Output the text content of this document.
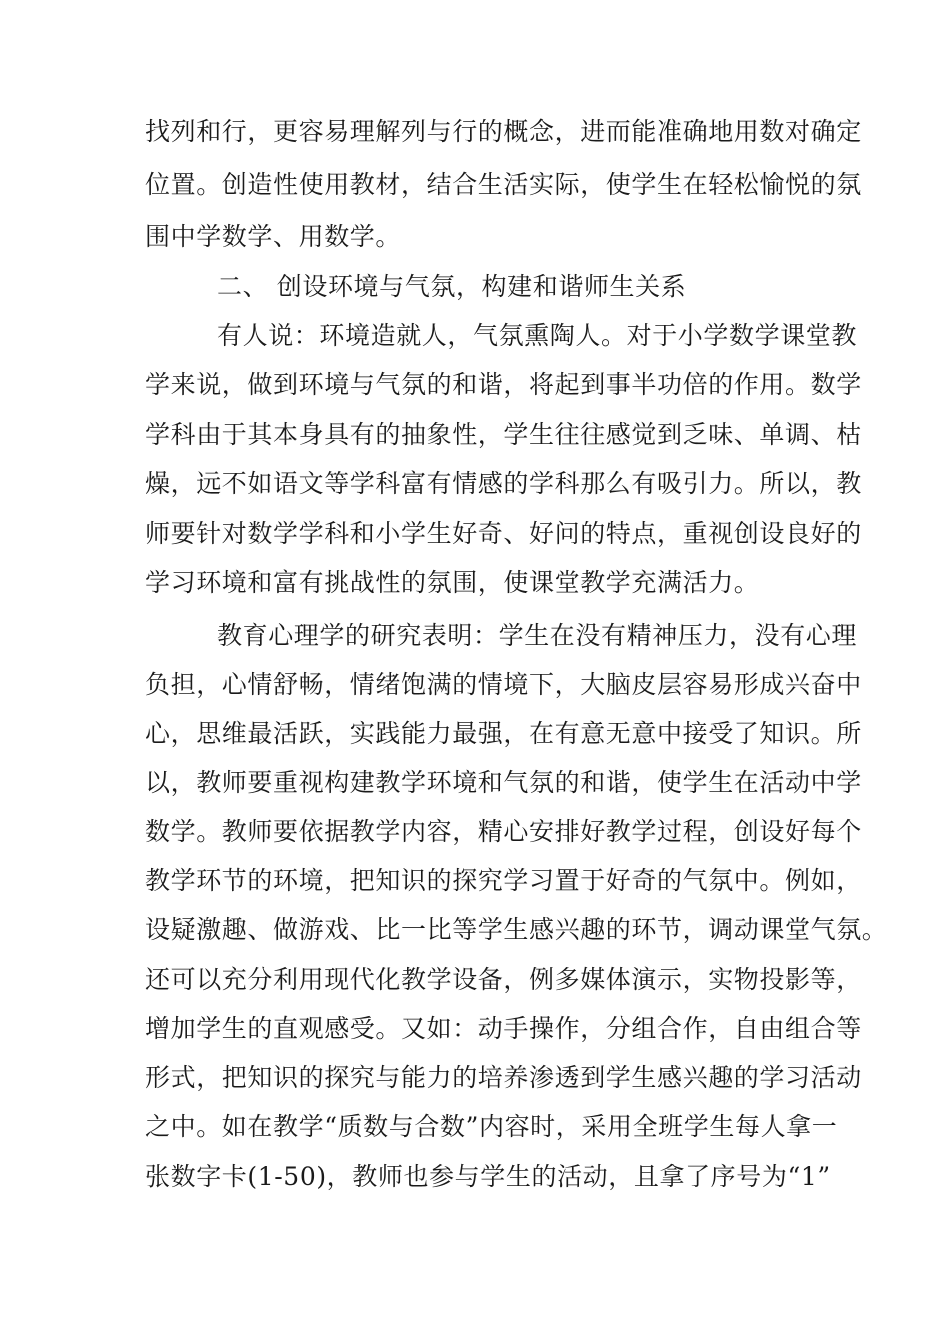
找列和行，更容易理解列与行的概念，进而能准确地用数对确定
位置。创造性使用教材，结合生活实际，使学生在轻松愉悦的氛
围中学数学、用数学。
二、 创设环境与气氛，构建和谐师生关系
有人说：环境造就人，气氛熏陶人。对于小学数学课堂教
学来说，做到环境与气氛的和谐，将起到事半功倍的作用。数学
学科由于其本身具有的抽象性，学生往往感觉到乏味、单调、枯
燥，远不如语文等学科富有情感的学科那么有吸引力。所以，教
师要针对数学学科和小学生好奇、好问的特点，重视创设良好的
学习环境和富有挑战性的氛围，使课堂教学充满活力。
教育心理学的研究表明：学生在没有精神压力，没有心理
负担，心情舒畅，情绪饱满的情境下，大脑皮层容易形成兴奋中
心，思维最活跃，实践能力最强，在有意无意中接受了知识。所
以，教师要重视构建教学环境和气氛的和谐，使学生在活动中学
数学。教师要依据教学内容，精心安排好教学过程，创设好每个
教学环节的环境，把知识的探究学习置于好奇的气氛中。例如，
设疑激趣、做游戏、比一比等学生感兴趣的环节，调动课堂气氛。
还可以充分利用现代化教学设备，例多媒体演示，实物投影等，
增加学生的直观感受。又如：动手操作，分组合作，自由组合等
形式，把知识的探究与能力的培养渗透到学生感兴趣的学习活动
之中。如在教学“质数与合数”内容时，采用全班学生每人拿一
张数字卡(1-50)，教师也参与学生的活动，且拿了序号为“1”
